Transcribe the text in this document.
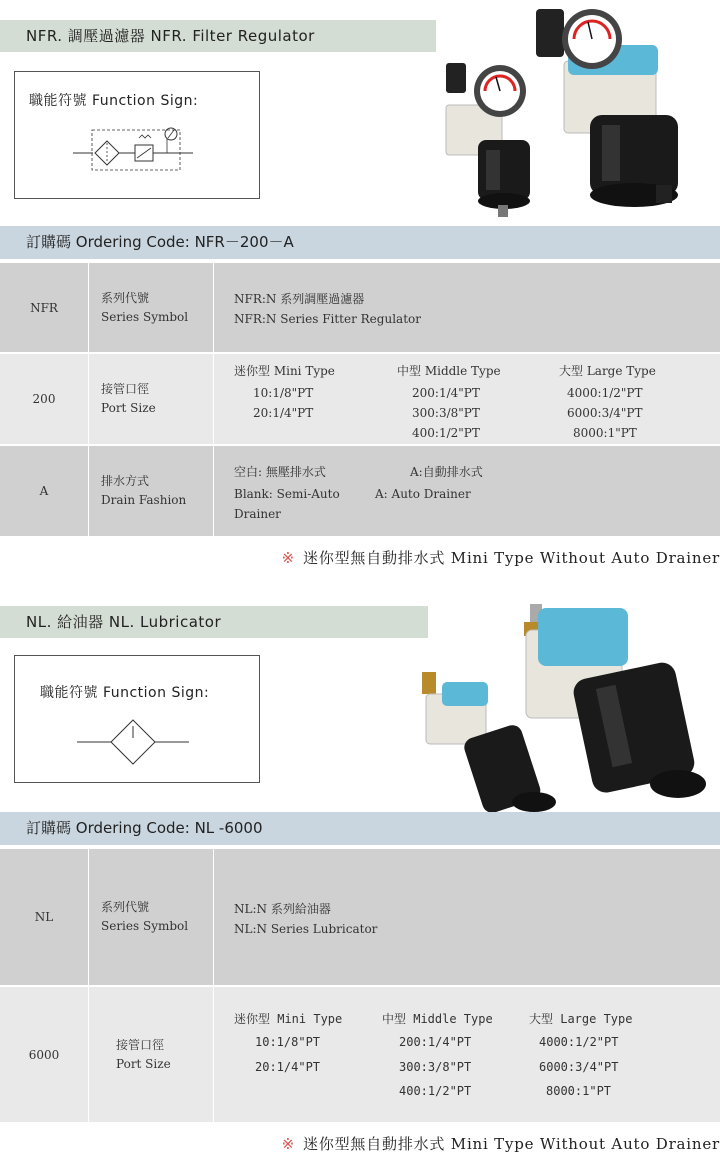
NFR. 調壓過濾器 NFR. Filter Regulator
職能符號 Function Sign:
訂購碼 Ordering Code: NFR－200－A
NFR
系列代號
Series Symbol
NFR:N 系列調壓過濾器
NFR:N Series Fitter Regulator
200
接管口徑
Port Size
迷你型 Mini Type
10:1/8"PT
20:1/4"PT
中型 Middle Type
200:1/4"PT
300:3/8"PT
400:1/2"PT
大型 Large Type
4000:1/2"PT
6000:3/4"PT
8000:1"PT
A
排水方式
Drain Fashion
空白: 無壓排水式	A:自動排水式
Blank: Semi-Auto	A: Auto Drainer
Drainer
※ 迷你型無自動排水式 Mini Type Without Auto Drainer
NL. 給油器 NL. Lubricator
職能符號 Function Sign:
訂購碼 Ordering Code: NL -6000
NL
系列代號
Series Symbol
NL:N 系列給油器
NL:N Series Lubricator
6000
接管口徑
Port Size
迷你型 Mini Type
10:1/8"PT
20:1/4"PT
中型 Middle Type
200:1/4"PT
300:3/8"PT
400:1/2"PT
大型 Large Type
4000:1/2"PT
6000:3/4"PT
8000:1"PT
※ 迷你型無自動排水式 Mini Type Without Auto Drainer
